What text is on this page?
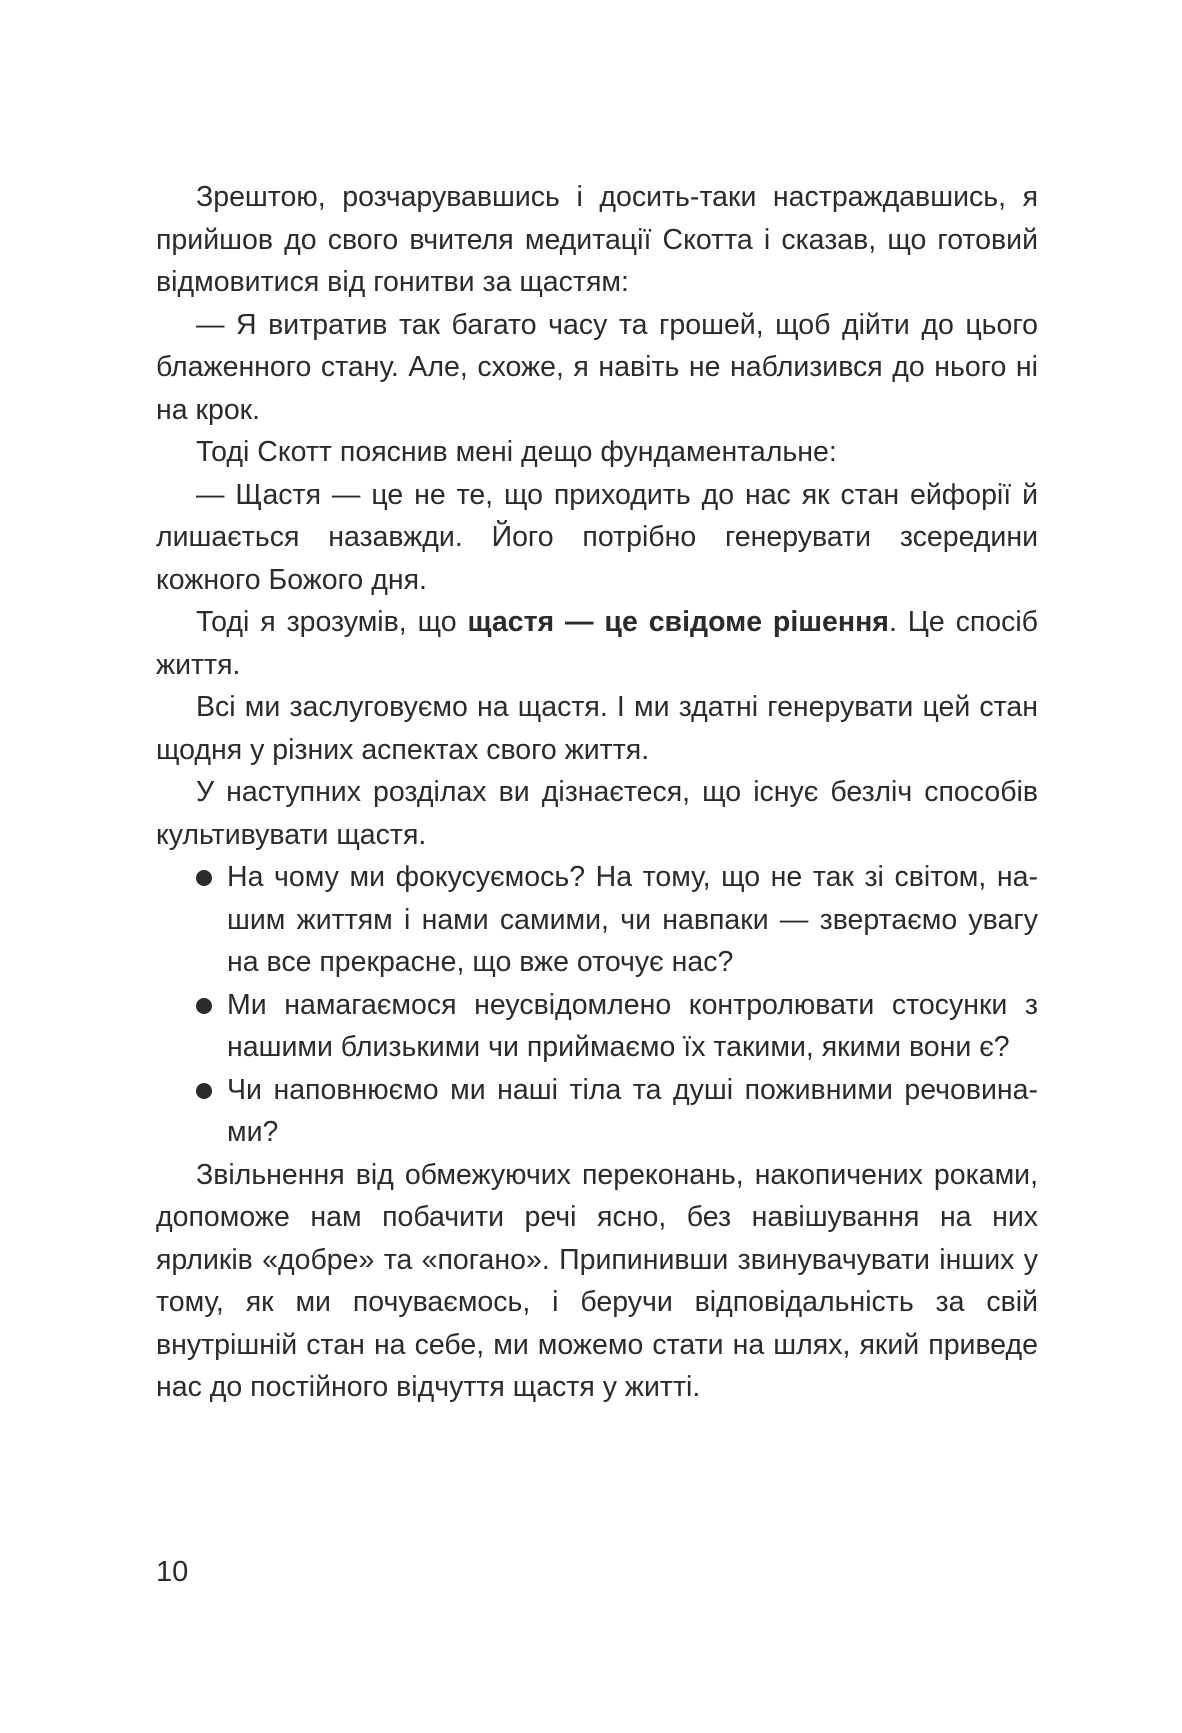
Зрештою, розчарувавшись і досить-таки настраждавшись, я прийшов до свого вчителя медитації Скотта і сказав, що готовий відмовитися від гонитви за щастям:

— Я витратив так багато часу та грошей, щоб дійти до цього блаженного стану. Але, схоже, я навіть не наблизився до нього ні на крок.

Тоді Скотт пояснив мені дещо фундаментальне:

— Щастя — це не те, що приходить до нас як стан ейфорії й лишається назавжди. Його потрібно генерувати зсередини кожного Божого дня.

Тоді я зрозумів, що щастя — це свідоме рішення. Це спосіб життя.

Всі ми заслуговуємо на щастя. І ми здатні генерувати цей стан щодня у різних аспектах свого життя.

У наступних розділах ви дізнаєтеся, що існує безліч способів культивувати щастя.

На чому ми фокусуємось? На тому, що не так зі світом, нашим життям і нами самими, чи навпаки — звертаємо увагу на все прекрасне, що вже оточує нас?
Ми намагаємося неусвідомлено контролювати стосунки з нашими близькими чи приймаємо їх такими, якими вони є?
Чи наповнюємо ми наші тіла та душі поживними речовинами?

Звільнення від обмежуючих переконань, накопичених роками, допоможе нам побачити речі ясно, без навішування на них ярликів «добре» та «погано». Припинивши звинувачувати інших у тому, як ми почуваємось, і беручи відповідальність за свій внутрішній стан на себе, ми можемо стати на шлях, який приведе нас до постійного відчуття щастя у житті.

10
